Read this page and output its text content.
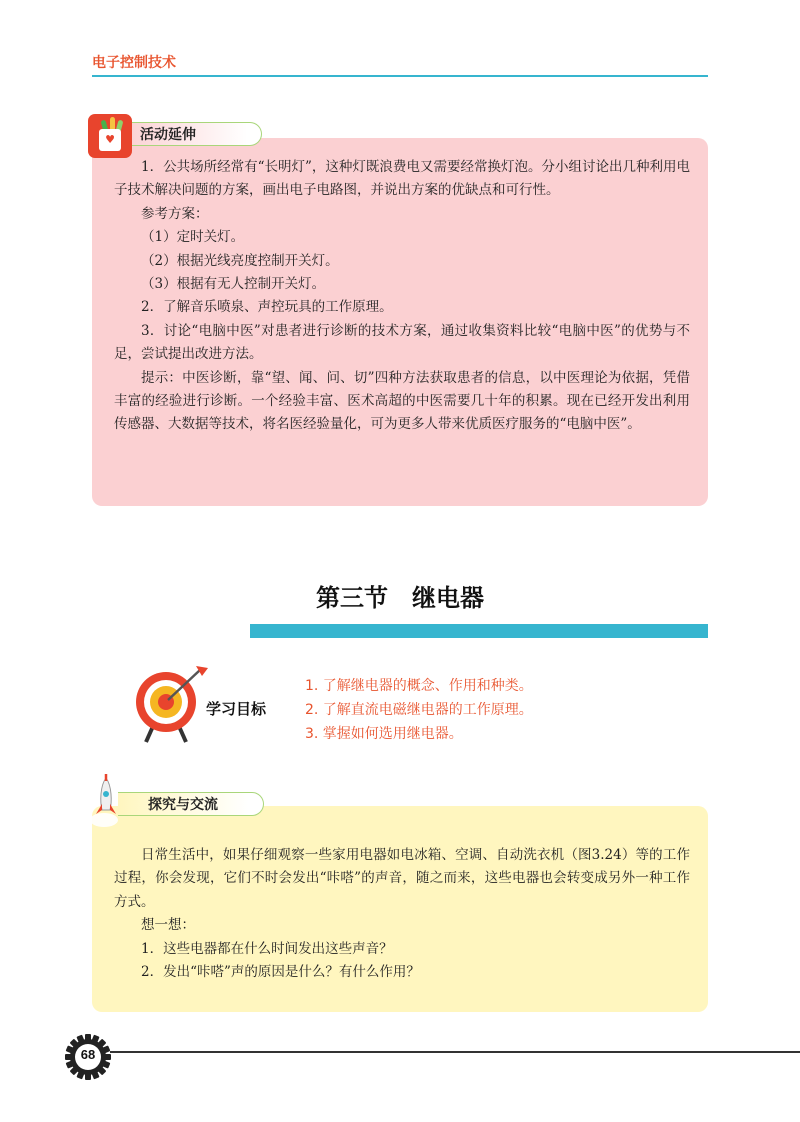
电子控制技术
活动延伸
♥

1．公共场所经常有“长明灯”，这种灯既浪费电又需要经常换灯泡。分小组讨论出几种利用电子技术解决问题的方案，画出电子电路图，并说出方案的优缺点和可行性。

参考方案：

（1）定时关灯。

（2）根据光线亮度控制开关灯。

（3）根据有无人控制开关灯。

2．了解音乐喷泉、声控玩具的工作原理。

3．讨论“电脑中医”对患者进行诊断的技术方案，通过收集资料比较“电脑中医”的优势与不足，尝试提出改进方法。

提示：中医诊断，靠“望、闻、问、切”四种方法获取患者的信息，以中医理论为依据，凭借丰富的经验进行诊断。一个经验丰富、医术高超的中医需要几十年的积累。现在已经开发出利用传感器、大数据等技术，将名医经验量化，可为更多人带来优质医疗服务的“电脑中医”。

第三节　继电器
学习目标
1. 了解继电器的概念、作用和种类。
2. 了解直流电磁继电器的工作原理。
3. 掌握如何选用继电器。
探究与交流

日常生活中，如果仔细观察一些家用电器如电冰箱、空调、自动洗衣机（图3.24）等的工作过程，你会发现，它们不时会发出“咔嗒”的声音，随之而来，这些电器也会转变成另外一种工作方式。

想一想：

1．这些电器都在什么时间发出这些声音？

2．发出“咔嗒”声的原因是什么？有什么作用？

68
